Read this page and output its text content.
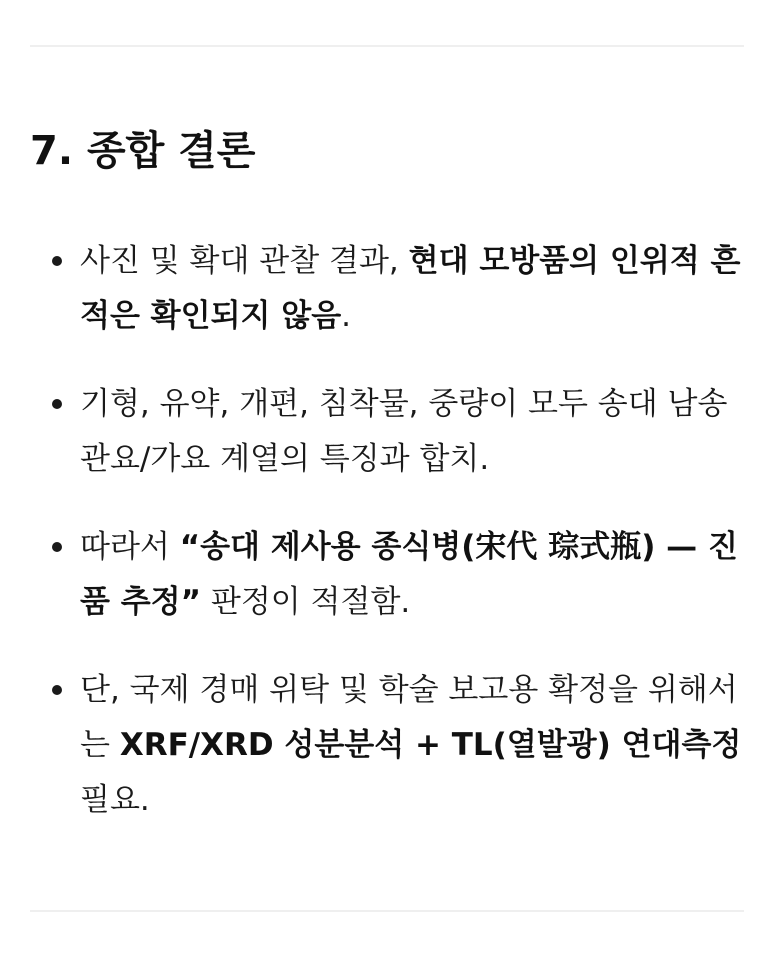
7. 종합 결론
사진 및 확대 관찰 결과, 현대 모방품의 인위적 흔적은 확인되지 않음.
기형, 유약, 개편, 침착물, 중량이 모두 송대 남송 관요/가요 계열의 특징과 합치.
따라서 “송대 제사용 종식병(宋代 琮式瓶) — 진품 추정” 판정이 적절함.
단, 국제 경매 위탁 및 학술 보고용 확정을 위해서는 XRF/XRD 성분분석 + TL(열발광) 연대측정 필요.
